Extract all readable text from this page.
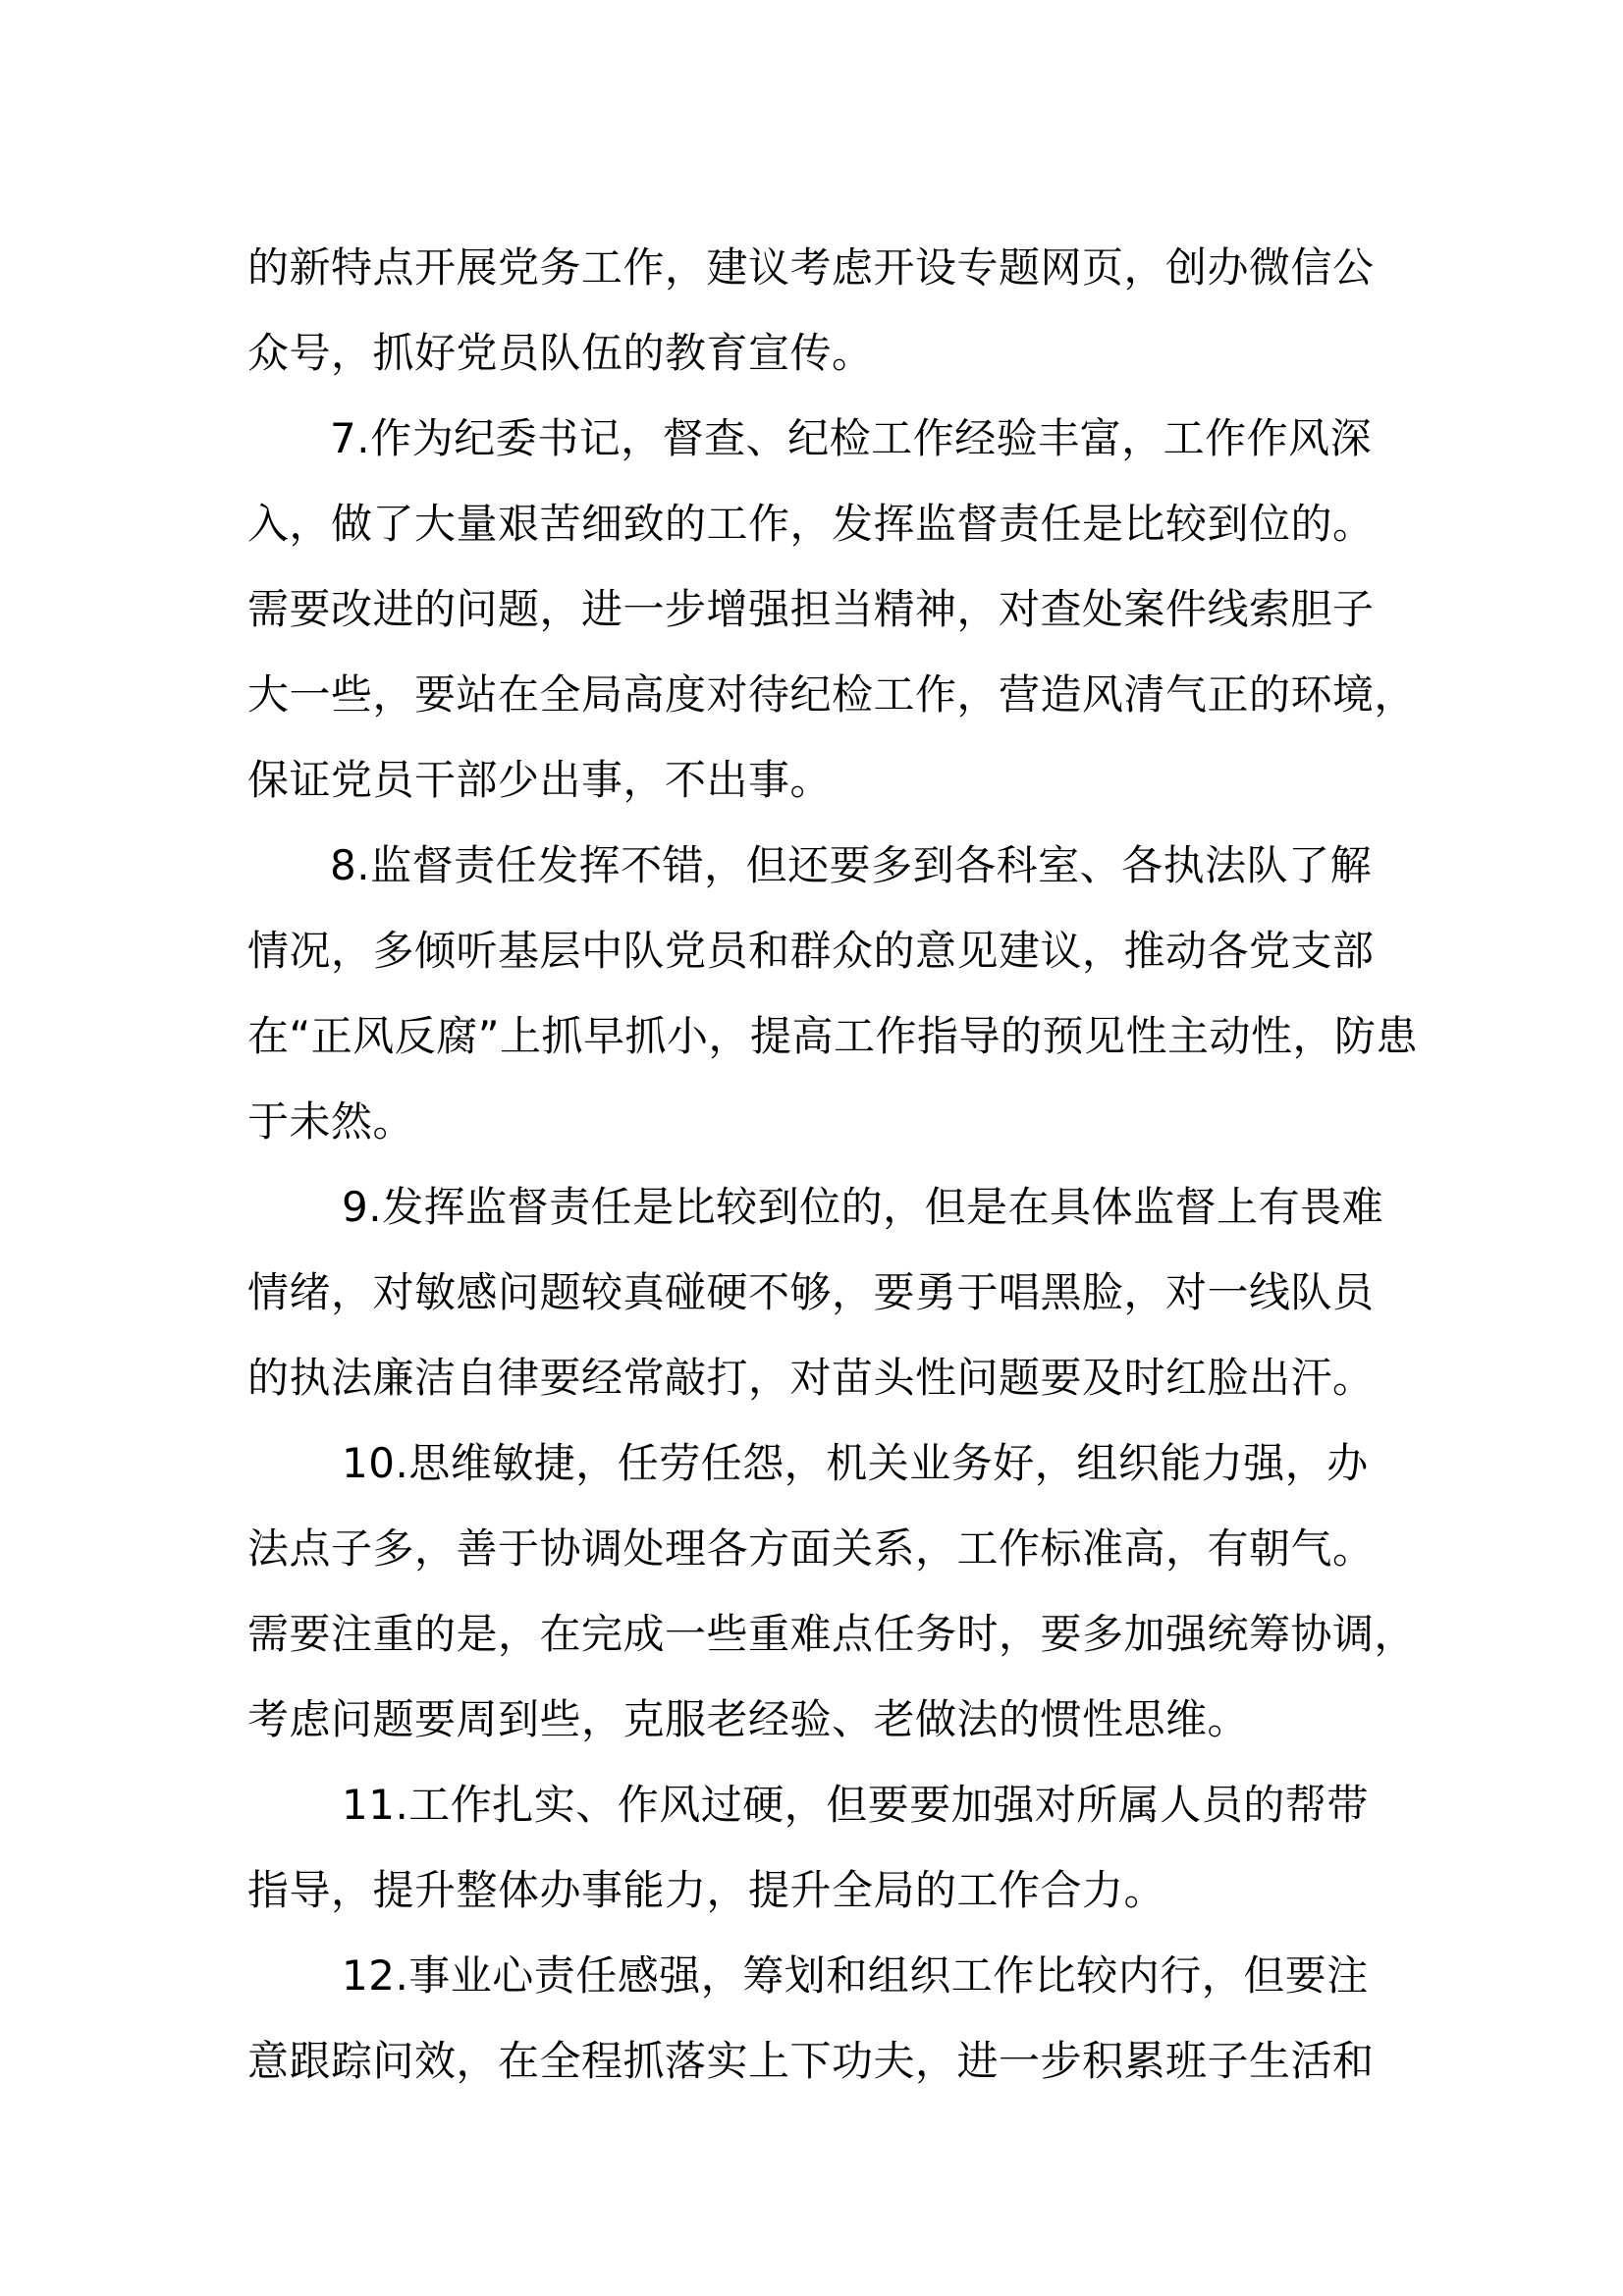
的新特点开展党务工作，建议考虑开设专题网页，创办微信公
众号，抓好党员队伍的教育宣传。
7.作为纪委书记，督查、纪检工作经验丰富，工作作风深
入，做了大量艰苦细致的工作，发挥监督责任是比较到位的。
需要改进的问题，进一步增强担当精神，对查处案件线索胆子
大一些，要站在全局高度对待纪检工作，营造风清气正的环境，
保证党员干部少出事，不出事。
8.监督责任发挥不错，但还要多到各科室、各执法队了解
情况，多倾听基层中队党员和群众的意见建议，推动各党支部
在“正风反腐”上抓早抓小，提高工作指导的预见性主动性，防患
于未然。
9.发挥监督责任是比较到位的，但是在具体监督上有畏难
情绪，对敏感问题较真碰硬不够，要勇于唱黑脸，对一线队员
的执法廉洁自律要经常敲打，对苗头性问题要及时红脸出汗。
10.思维敏捷，任劳任怨，机关业务好，组织能力强，办
法点子多，善于协调处理各方面关系，工作标准高，有朝气。
需要注重的是，在完成一些重难点任务时，要多加强统筹协调，
考虑问题要周到些，克服老经验、老做法的惯性思维。
11.工作扎实、作风过硬，但要要加强对所属人员的帮带
指导，提升整体办事能力，提升全局的工作合力。
12.事业心责任感强，筹划和组织工作比较内行，但要注
意跟踪问效，在全程抓落实上下功夫，进一步积累班子生活和
